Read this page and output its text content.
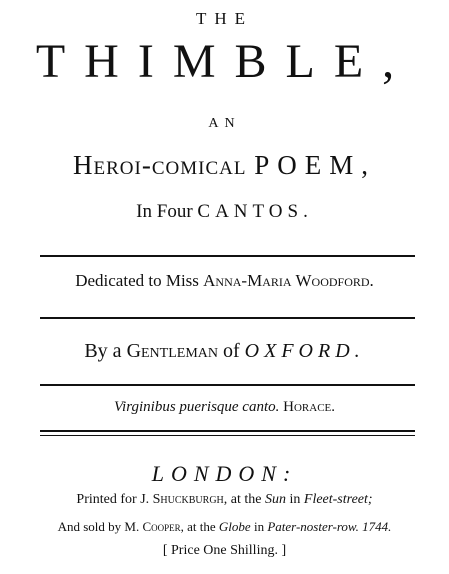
THE
THIMBLE,
AN
Heroi-comical POEM,
In Four CANTOS.
Dedicated to Miss Anna-Maria Woodford.
By a Gentleman of OXFORD.
Virginibus puerisque canto. Horace.
LONDON:
Printed for J. Shuckburgh, at the Sun in Fleet-street;
And sold by M. Cooper, at the Globe in Pater-noster-row. 1744.
[ Price One Shilling. ]
